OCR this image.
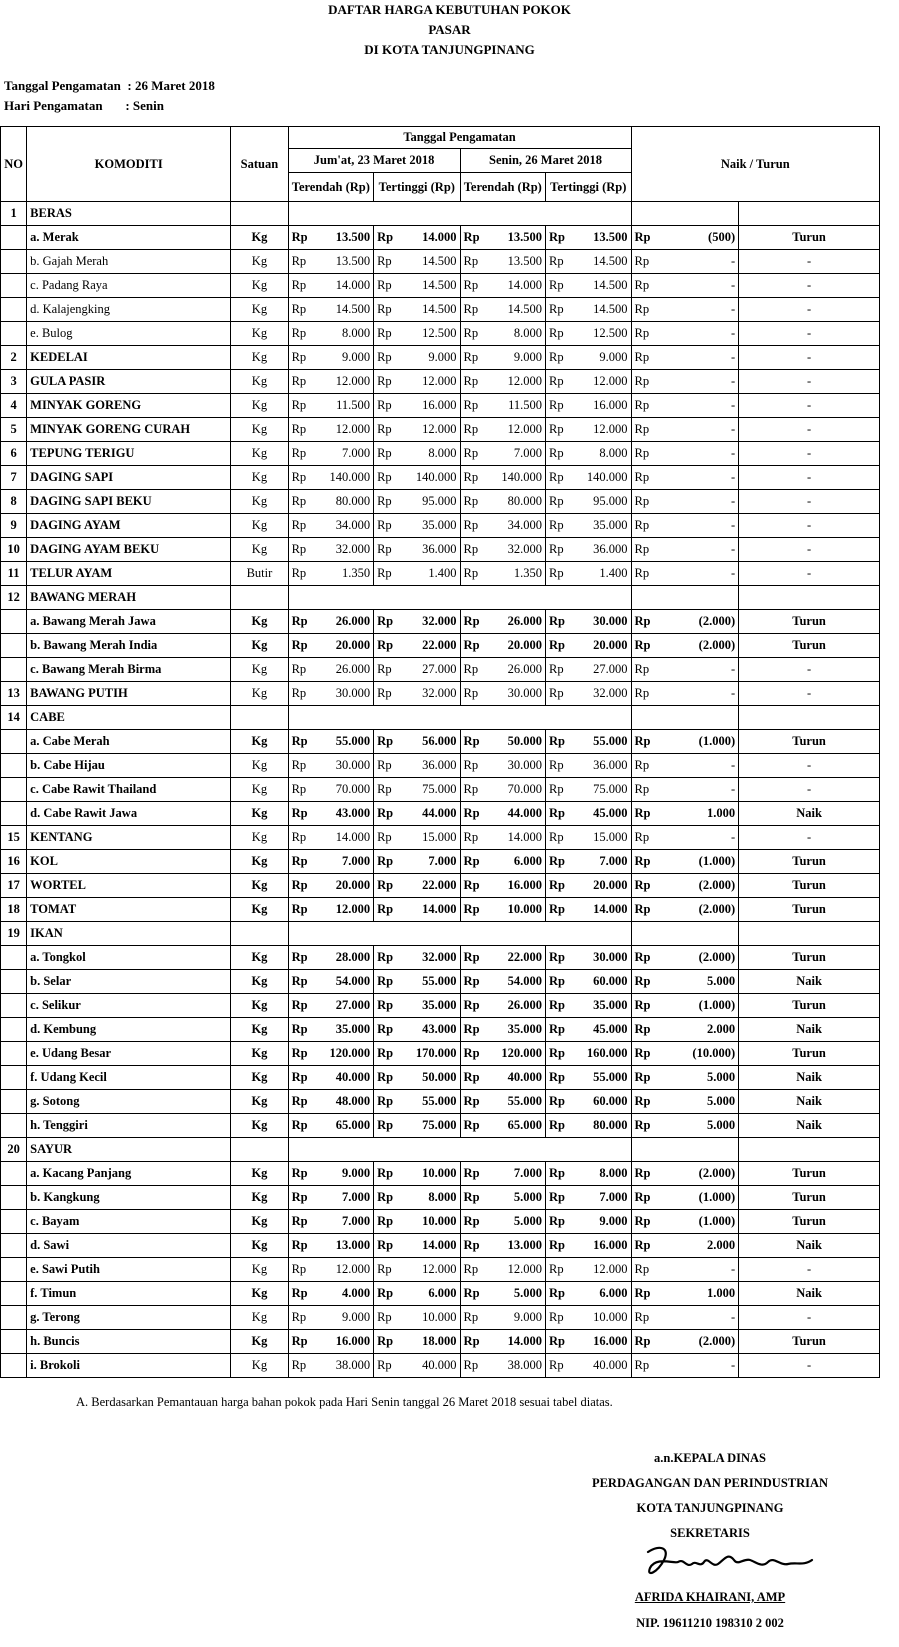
DAFTAR HARGA KEBUTUHAN POKOK
PASAR
DI KOTA TANJUNGPINANG
Tanggal Pengamatan  : 26 Maret 2018
Hari Pengamatan       : Senin
NO	KOMODITI	Satuan	Tanggal Pengamatan								Naik / Turun		
			Jum'at, 23 Maret 2018				Senin, 26 Maret 2018						
			Terendah (Rp)		Tertinggi (Rp)		Terendah (Rp)		Tertinggi (Rp)				
1	BERAS												
	a. Merak	Kg	Rp	13.500	Rp	14.000	Rp	13.500	Rp	13.500	Rp	(500)	Turun
	b. Gajah Merah	Kg	Rp	13.500	Rp	14.500	Rp	13.500	Rp	14.500	Rp	-	-
	c. Padang Raya	Kg	Rp	14.000	Rp	14.500	Rp	14.000	Rp	14.500	Rp	-	-
	d. Kalajengking	Kg	Rp	14.500	Rp	14.500	Rp	14.500	Rp	14.500	Rp	-	-
	e. Bulog	Kg	Rp	8.000	Rp	12.500	Rp	8.000	Rp	12.500	Rp	-	-
2	KEDELAI	Kg	Rp	9.000	Rp	9.000	Rp	9.000	Rp	9.000	Rp	-	-
3	GULA PASIR	Kg	Rp	12.000	Rp	12.000	Rp	12.000	Rp	12.000	Rp	-	-
4	MINYAK GORENG	Kg	Rp	11.500	Rp	16.000	Rp	11.500	Rp	16.000	Rp	-	-
5	MINYAK GORENG CURAH	Kg	Rp	12.000	Rp	12.000	Rp	12.000	Rp	12.000	Rp	-	-
6	TEPUNG TERIGU	Kg	Rp	7.000	Rp	8.000	Rp	7.000	Rp	8.000	Rp	-	-
7	DAGING SAPI	Kg	Rp	140.000	Rp	140.000	Rp	140.000	Rp	140.000	Rp	-	-
8	DAGING SAPI BEKU	Kg	Rp	80.000	Rp	95.000	Rp	80.000	Rp	95.000	Rp	-	-
9	DAGING AYAM	Kg	Rp	34.000	Rp	35.000	Rp	34.000	Rp	35.000	Rp	-	-
10	DAGING AYAM BEKU	Kg	Rp	32.000	Rp	36.000	Rp	32.000	Rp	36.000	Rp	-	-
11	TELUR AYAM	Butir	Rp	1.350	Rp	1.400	Rp	1.350	Rp	1.400	Rp	-	-
12	BAWANG MERAH												
	a. Bawang Merah Jawa	Kg	Rp	26.000	Rp	32.000	Rp	26.000	Rp	30.000	Rp	(2.000)	Turun
	b. Bawang Merah India	Kg	Rp	20.000	Rp	22.000	Rp	20.000	Rp	20.000	Rp	(2.000)	Turun
	c. Bawang Merah Birma	Kg	Rp	26.000	Rp	27.000	Rp	26.000	Rp	27.000	Rp	-	-
13	BAWANG PUTIH	Kg	Rp	30.000	Rp	32.000	Rp	30.000	Rp	32.000	Rp	-	-
14	CABE												
	a. Cabe Merah	Kg	Rp	55.000	Rp	56.000	Rp	50.000	Rp	55.000	Rp	(1.000)	Turun
	b. Cabe Hijau	Kg	Rp	30.000	Rp	36.000	Rp	30.000	Rp	36.000	Rp	-	-
	c. Cabe Rawit Thailand	Kg	Rp	70.000	Rp	75.000	Rp	70.000	Rp	75.000	Rp	-	-
	d. Cabe Rawit Jawa	Kg	Rp	43.000	Rp	44.000	Rp	44.000	Rp	45.000	Rp	1.000	Naik
15	KENTANG	Kg	Rp	14.000	Rp	15.000	Rp	14.000	Rp	15.000	Rp	-	-
16	KOL	Kg	Rp	7.000	Rp	7.000	Rp	6.000	Rp	7.000	Rp	(1.000)	Turun
17	WORTEL	Kg	Rp	20.000	Rp	22.000	Rp	16.000	Rp	20.000	Rp	(2.000)	Turun
18	TOMAT	Kg	Rp	12.000	Rp	14.000	Rp	10.000	Rp	14.000	Rp	(2.000)	Turun
19	IKAN												
	a. Tongkol	Kg	Rp	28.000	Rp	32.000	Rp	22.000	Rp	30.000	Rp	(2.000)	Turun
	b. Selar	Kg	Rp	54.000	Rp	55.000	Rp	54.000	Rp	60.000	Rp	5.000	Naik
	c. Selikur	Kg	Rp	27.000	Rp	35.000	Rp	26.000	Rp	35.000	Rp	(1.000)	Turun
	d. Kembung	Kg	Rp	35.000	Rp	43.000	Rp	35.000	Rp	45.000	Rp	2.000	Naik
	e. Udang Besar	Kg	Rp	120.000	Rp	170.000	Rp	120.000	Rp	160.000	Rp	(10.000)	Turun
	f. Udang Kecil	Kg	Rp	40.000	Rp	50.000	Rp	40.000	Rp	55.000	Rp	5.000	Naik
	g. Sotong	Kg	Rp	48.000	Rp	55.000	Rp	55.000	Rp	60.000	Rp	5.000	Naik
	h. Tenggiri	Kg	Rp	65.000	Rp	75.000	Rp	65.000	Rp	80.000	Rp	5.000	Naik
20	SAYUR												
	a. Kacang Panjang	Kg	Rp	9.000	Rp	10.000	Rp	7.000	Rp	8.000	Rp	(2.000)	Turun
	b. Kangkung	Kg	Rp	7.000	Rp	8.000	Rp	5.000	Rp	7.000	Rp	(1.000)	Turun
	c. Bayam	Kg	Rp	7.000	Rp	10.000	Rp	5.000	Rp	9.000	Rp	(1.000)	Turun
	d. Sawi	Kg	Rp	13.000	Rp	14.000	Rp	13.000	Rp	16.000	Rp	2.000	Naik
	e. Sawi Putih	Kg	Rp	12.000	Rp	12.000	Rp	12.000	Rp	12.000	Rp	-	-
	f. Timun	Kg	Rp	4.000	Rp	6.000	Rp	5.000	Rp	6.000	Rp	1.000	Naik
	g. Terong	Kg	Rp	9.000	Rp	10.000	Rp	9.000	Rp	10.000	Rp	-	-
	h. Buncis	Kg	Rp	16.000	Rp	18.000	Rp	14.000	Rp	16.000	Rp	(2.000)	Turun
	i. Brokoli	Kg	Rp	38.000	Rp	40.000	Rp	38.000	Rp	40.000	Rp	-	-
A. Berdasarkan Pemantauan harga bahan pokok pada Hari Senin tanggal 26 Maret 2018 sesuai tabel diatas.
a.n.KEPALA DINAS
PERDAGANGAN DAN PERINDUSTRIAN
KOTA TANJUNGPINANG
SEKRETARIS
AFRIDA KHAIRANI, AMP
NIP. 19611210 198310 2 002
